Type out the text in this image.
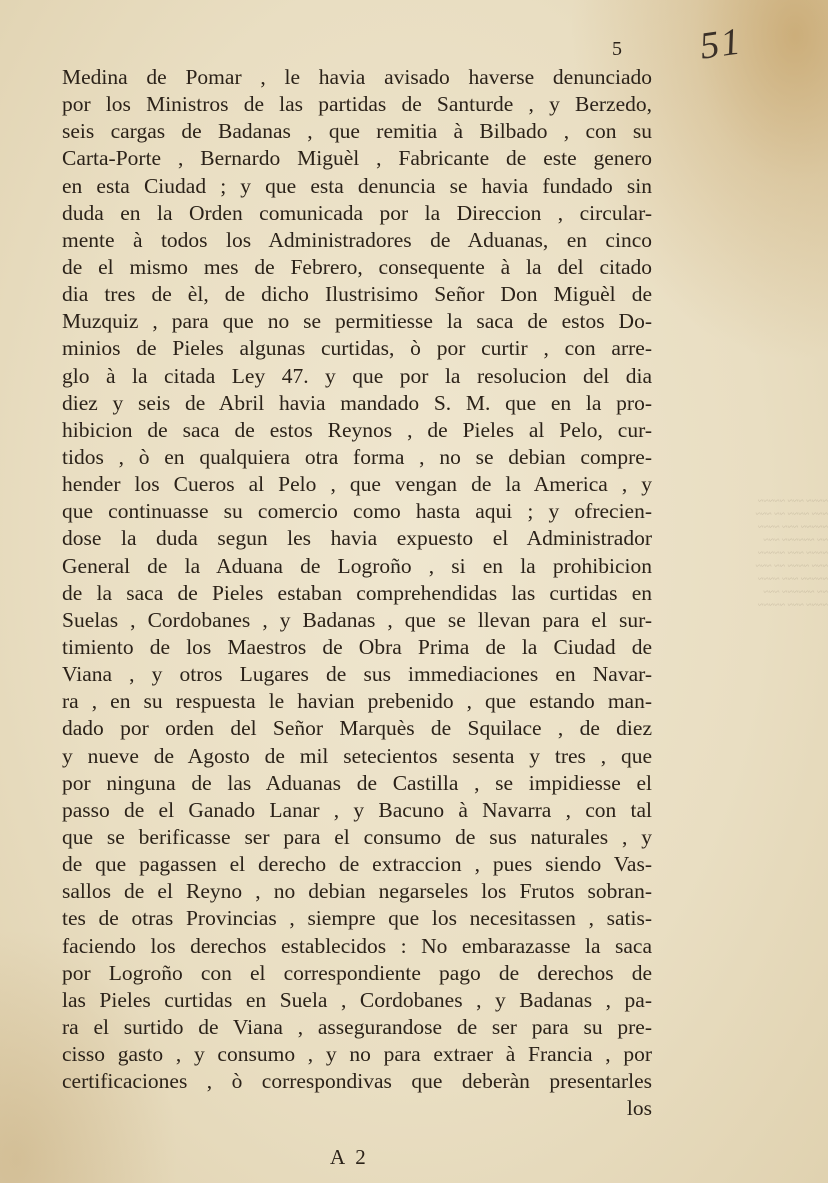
~~~~ ~~~ ~~~~~
~~~ ~~~~ ~~ ~~~
~~~~~ ~~~ ~~~~
~~ ~~~~~~ ~~~
~~~~ ~~~ ~~~~~
~~~ ~~~~ ~~ ~~~
~~~~~ ~~~ ~~~~
~~ ~~~~~~ ~~~
~~~~ ~~~ ~~~~~
51
5
Medina de Pomar , le havia avisado haverse denunciado
por los Ministros de las partidas de Santurde , y Berzedo,
seis cargas de Badanas , que remitia à Bilbado , con su
Carta-Porte , Bernardo Miguèl , Fabricante de este genero
en esta Ciudad ; y que esta denuncia se havia fundado sin
duda en la Orden comunicada por la Direccion , circular-
mente à todos los Administradores de Aduanas, en cinco
de el mismo mes de Febrero, consequente à la del citado
dia tres de èl, de dicho Ilustrisimo Señor Don Miguèl de
Muzquiz , para que no se permitiesse la saca de estos Do-
minios de Pieles algunas curtidas, ò por curtir , con arre-
glo à la citada Ley 47. y que por la resolucion del dia
diez y seis de Abril havia mandado S. M. que en la pro-
hibicion de saca de estos Reynos , de Pieles al Pelo, cur-
tidos , ò en qualquiera otra forma , no se debian compre-
hender los Cueros al Pelo , que vengan de la America , y
que continuasse su comercio como hasta aqui ; y ofrecien-
dose la duda segun les havia expuesto el Administrador
General de la Aduana de Logroño , si en la prohibicion
de la saca de Pieles estaban comprehendidas las curtidas en
Suelas , Cordobanes , y Badanas , que se llevan para el sur-
timiento de los Maestros de Obra Prima de la Ciudad de
Viana , y otros Lugares de sus immediaciones en Navar-
ra , en su respuesta le havian prebenido , que estando man-
dado por orden del Señor Marquès de Squilace , de diez
y nueve de Agosto de mil setecientos sesenta y tres , que
por ninguna de las Aduanas de Castilla , se impidiesse el
passo de el Ganado Lanar , y Bacuno à Navarra , con tal
que se berificasse ser para el consumo de sus naturales , y
de que pagassen el derecho de extraccion , pues siendo Vas-
sallos de el Reyno , no debian negarseles los Frutos sobran-
tes de otras Provincias , siempre que los necesitassen , satis-
faciendo los derechos establecidos : No embarazasse la saca
por Logroño con el correspondiente pago de derechos de
las Pieles curtidas en Suela , Cordobanes , y Badanas , pa-
ra el surtido de Viana , assegurandose de ser para su pre-
cisso gasto , y consumo , y no para extraer à Francia , por
certificaciones , ò correspondivas que deberàn presentarles
los
A 2
